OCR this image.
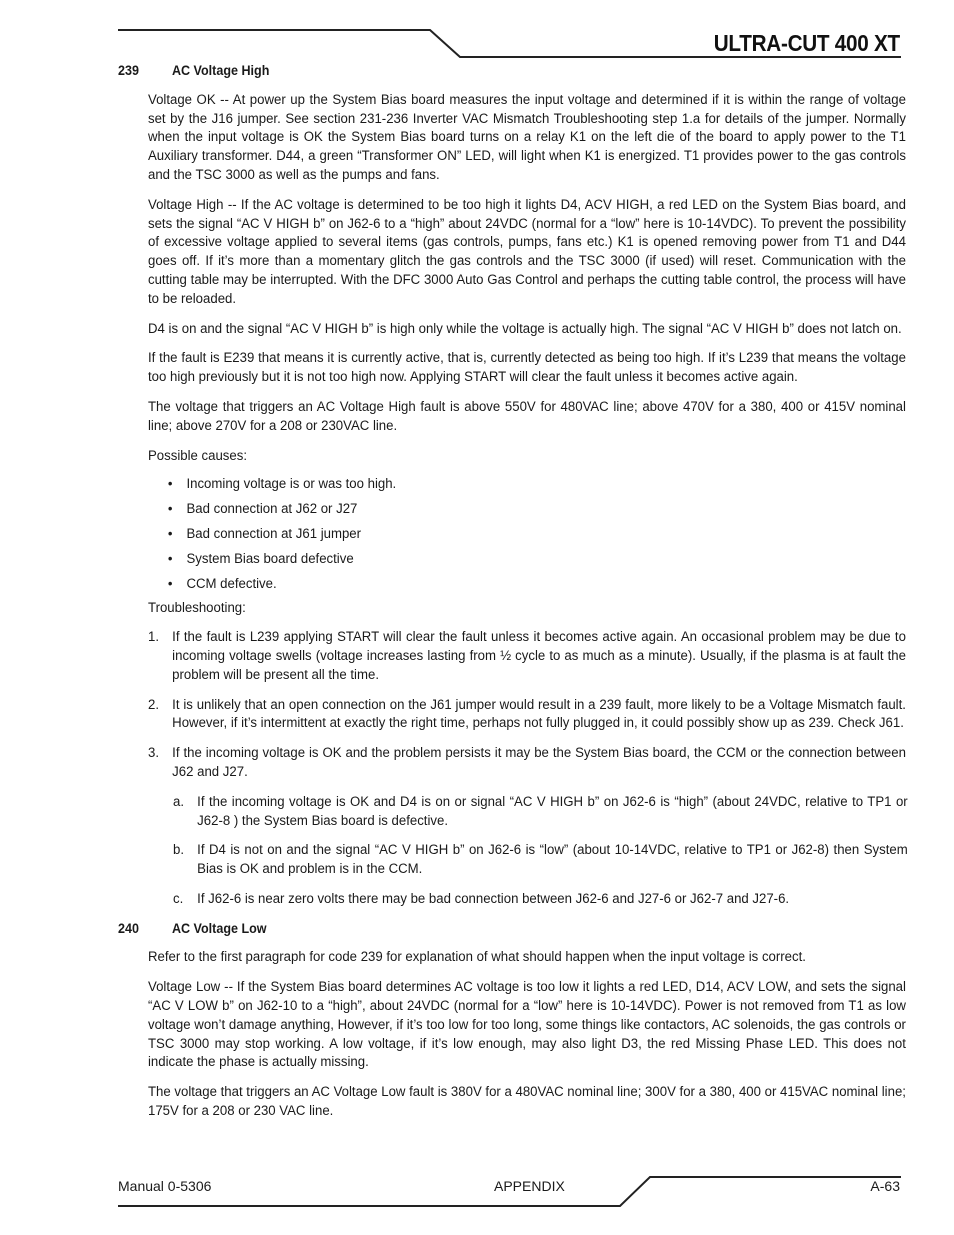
ULTRA-CUT 400 XT
239	AC Voltage High

Voltage OK -- At power up the System Bias board measures the input voltage and determined if it is within the range of voltage set by the J16 jumper. See section 231-236 Inverter VAC Mismatch Troubleshooting step 1.a for details of the jumper. Normally when the input voltage is OK the System Bias board turns on a relay K1 on the left die of the board to apply power to the T1 Auxiliary transformer. D44, a green “Transformer ON” LED, will light when K1 is energized. T1 provides power to the gas controls and the TSC 3000 as well as the pumps and fans.

Voltage High -- If the AC voltage is determined to be too high it lights D4, ACV HIGH, a red LED on the System Bias board, and sets the signal “AC V HIGH b” on J62-6 to a “high” about 24VDC (normal for a “low” here is 10-14VDC). To prevent the possibility of excessive voltage applied to several items (gas controls, pumps, fans etc.) K1 is opened removing power from T1 and D44 goes off. If it’s more than a momentary glitch the gas controls and the TSC 3000 (if used) will reset. Communication with the cutting table may be interrupted. With the DFC 3000 Auto Gas Control and perhaps the cutting table control, the process will have to be reloaded.

D4 is on and the signal “AC V HIGH b” is high only while the voltage is actually high. The signal “AC V HIGH b” does not latch on.

If the fault is E239 that means it is currently active, that is, currently detected as being too high. If it’s L239 that means the voltage too high previously but it is not too high now. Applying START will clear the fault unless it becomes active again.

The voltage that triggers an AC Voltage High fault is above 550V for 480VAC line; above 470V for a 380, 400 or 415V nominal line; above 270V for a 208 or 230VAC line.

Possible causes:
• Incoming voltage is or was too high.
• Bad connection at J62 or J27
• Bad connection at J61 jumper
• System Bias board defective
• CCM defective.
Troubleshooting:
1. If the fault is L239 applying START will clear the fault unless it becomes active again. An occasional problem may be due to incoming voltage swells (voltage increases lasting from ½ cycle to as much as a minute). Usually, if the plasma is at fault the problem will be present all the time.
2. It is unlikely that an open connection on the J61 jumper would result in a 239 fault, more likely to be a Voltage Mismatch fault. However, if it’s intermittent at exactly the right time, perhaps not fully plugged in, it could possibly show up as 239. Check J61.
3. If the incoming voltage is OK and the problem persists it may be the System Bias board, the CCM or the connection between J62 and J27.
a. If the incoming voltage is OK and D4 is on or signal “AC V HIGH b” on J62-6 is “high” (about 24VDC, relative to TP1 or J62-8 ) the System Bias board is defective.
b. If D4 is not on and the signal “AC V HIGH b” on J62-6 is “low” (about 10-14VDC, relative to TP1 or J62-8) then System Bias is OK and problem is in the CCM.
c. If J62-6 is near zero volts there may be bad connection between J62-6 and J27-6 or J62-7 and J27-6.
240	AC Voltage Low

Refer to the first paragraph for code 239 for explanation of what should happen when the input voltage is correct.

Voltage Low -- If the System Bias board determines AC voltage is too low it lights a red LED, D14, ACV LOW, and sets the signal “AC V LOW b” on J62-10 to a “high”, about 24VDC (normal for a “low” here is 10-14VDC). Power is not removed from T1 as low voltage won’t damage anything, However, if it’s too low for too long, some things like contactors, AC solenoids, the gas controls or TSC 3000 may stop working. A low voltage, if it’s low enough, may also light D3, the red Missing Phase LED. This does not indicate the phase is actually missing.

The voltage that triggers an AC Voltage Low fault is 380V for a 480VAC nominal line; 300V for a 380, 400 or 415VAC nominal line; 175V for a 208 or 230 VAC line.

Manual 0-5306	APPENDIX	A-63
